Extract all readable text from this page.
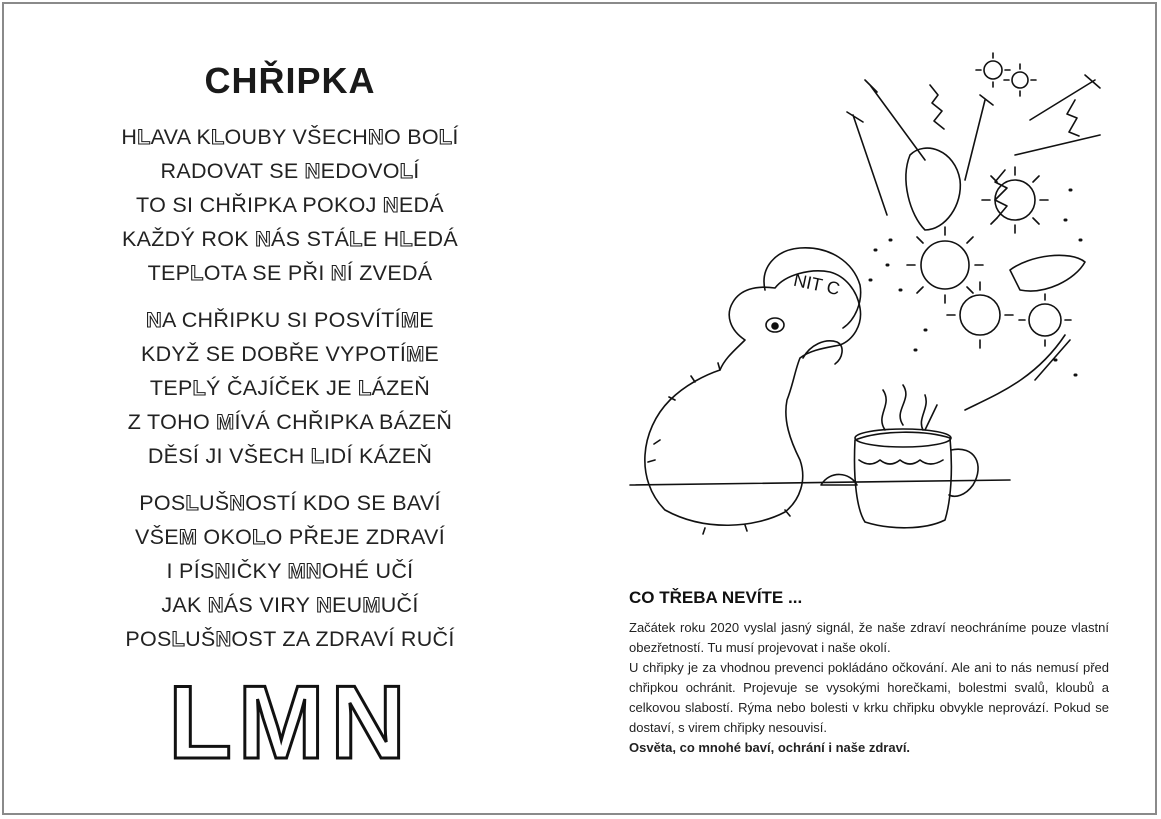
CHŘIPKA
HLAVA KLOUBY VŠECHNO BOLÍ
RADOVAT SE NEDOVOLÍ
TO SI CHŘIPKA POKOJ NEDÁ
KAŽDÝ ROK NÁS STÁLE HLEDÁ
TEPLOTA SE PŘI NÍ ZVEDÁ
NA CHŘIPKU SI POSVÍTÍME
KDYŽ SE DOBŘE VYPOTÍME
TEPLÝ ČAJÍČEK JE LÁZEŇ
Z TOHO MÍVÁ CHŘIPKA BÁZEŇ
DĚSÍ JI VŠECH LIDÍ KÁZEŇ
POSLUŠNOSTÍ KDO SE BAVÍ
VŠEM OKOLO PŘEJE ZDRAVÍ
I PÍSNIČKY MNOHÉ UČÍ
JAK NÁS VIRY NEUMUČÍ
POSLUŠNOST ZA ZDRAVÍ RUČÍ
LMN
NIT C
CO TŘEBA NEVÍTE ...

Začátek roku 2020 vyslal jasný signál, že naše zdraví neochráníme pouze vlastní obezřetností. Tu musí projevovat i naše okolí.

U chřipky je za vhodnou prevenci pokládáno očkování. Ale ani to nás nemusí před chřipkou ochránit. Projevuje se vysokými horečkami, bolestmi svalů, kloubů a celkovou slabostí. Rýma nebo bolesti v krku chřipku obvykle neprovází. Pokud se dostaví, s virem chřipky nesouvisí.

Osvěta, co mnohé baví, ochrání i naše zdraví.
